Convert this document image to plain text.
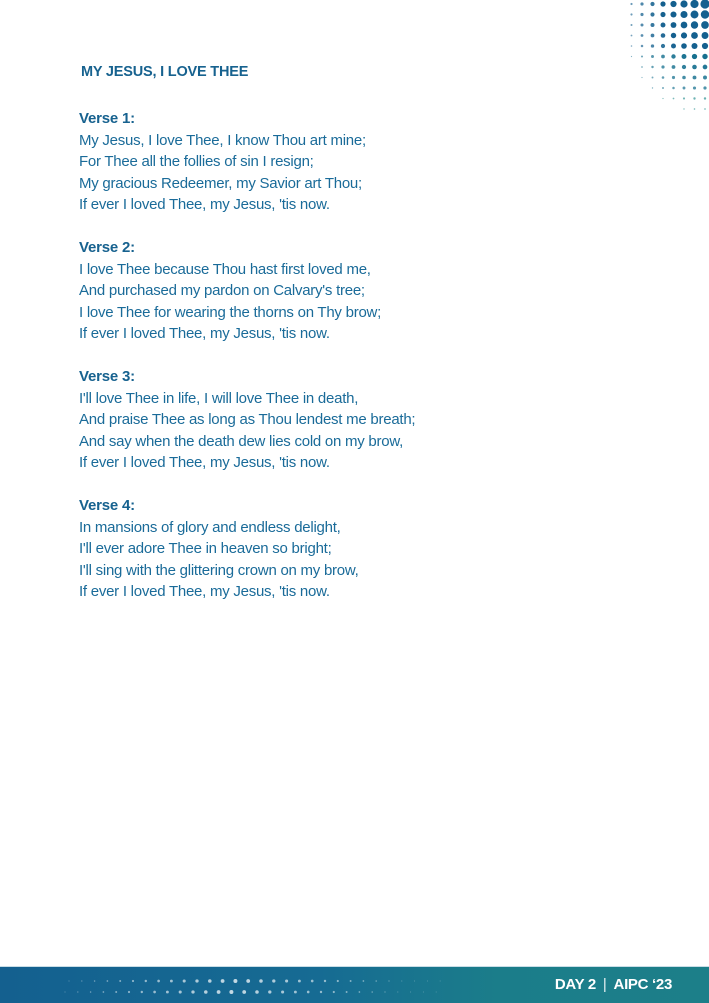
MY JESUS, I LOVE THEE
Verse 1:
My Jesus, I love Thee, I know Thou art mine;
For Thee all the follies of sin I resign;
My gracious Redeemer, my Savior art Thou;
If ever I loved Thee, my Jesus, 'tis now.
Verse 2:
I love Thee because Thou hast first loved me,
And purchased my pardon on Calvary's tree;
I love Thee for wearing the thorns on Thy brow;
If ever I loved Thee, my Jesus, 'tis now.
Verse 3:
I'll love Thee in life, I will love Thee in death,
And praise Thee as long as Thou lendest me breath;
And say when the death dew lies cold on my brow,
If ever I loved Thee, my Jesus, 'tis now.
Verse 4:
In mansions of glory and endless delight,
I'll ever adore Thee in heaven so bright;
I'll sing with the glittering crown on my brow,
If ever I loved Thee, my Jesus, 'tis now.
DAY 2 | AIPC ‘23
